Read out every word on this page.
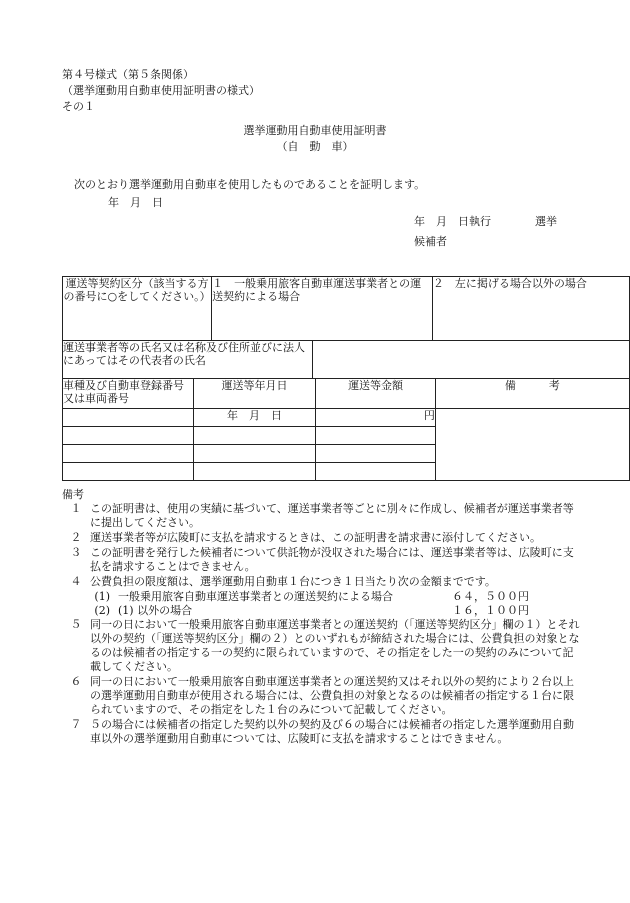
第４号様式（第５条関係）
（選挙運動用自動車使用証明書の様式）
その１
選挙運動用自動車使用証明書
（自　動　車）
次のとおり選挙運動用自動車を使用したものであることを証明します。
年　月　日
年　月　日執行　　　　選挙
候補者
運送等契約区分（該当する方の番号に○をしてください。）		１　一般乗用旅客自動車運送事業者との運送契約による場合			２　左に掲げる場合以外の場合	
運送事業者等の氏名又は名称及び住所並びに法人にあってはその代表者の氏名						
車種及び自動車登録番号又は車両番号	運送等年月日			運送等金額		備　　　考
	年　月　日			円		

備考
１ この証明書は、使用の実績に基づいて、運送事業者等ごとに別々に作成し、候補者が運送事業者等に提出してください。
２ 運送事業者等が広陵町に支払を請求するときは、この証明書を請求書に添付してください。
３ この証明書を発行した候補者について供託物が没収された場合には、運送事業者等は、広陵町に支払を請求することはできません。
４ 公費負担の限度額は、選挙運動用自動車１台につき１日当たり次の金額までです。
(1) 一般乗用旅客自動車運送事業者との運送契約による場合	６４，５００円
(2) (1) 以外の場合	１６，１００円
５ 同一の日において一般乗用旅客自動車運送事業者との運送契約（「運送等契約区分」欄の１）とそれ以外の契約（「運送等契約区分」欄の２）とのいずれもが締結された場合には、公費負担の対象となるのは候補者の指定する一の契約に限られていますので、その指定をした一の契約のみについて記載してください。
６ 同一の日において一般乗用旅客自動車運送事業者との運送契約又はそれ以外の契約により２台以上の選挙運動用自動車が使用される場合には、公費負担の対象となるのは候補者の指定する１台に限られていますので、その指定をした１台のみについて記載してください。
７ ５の場合には候補者の指定した契約以外の契約及び６の場合には候補者の指定した選挙運動用自動車以外の選挙運動用自動車については、広陵町に支払を請求することはできません。
